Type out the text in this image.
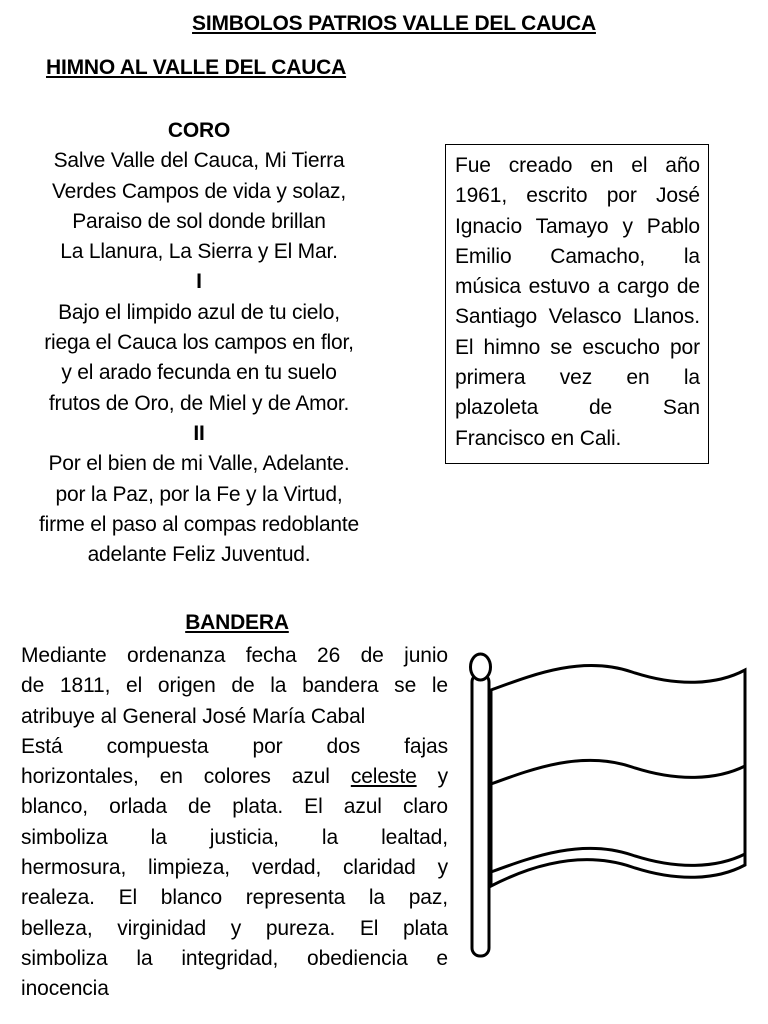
SIMBOLOS PATRIOS VALLE DEL CAUCA
HIMNO AL VALLE DEL CAUCA
CORO
Salve Valle del Cauca, Mi Tierra
Verdes Campos de vida y solaz,
Paraiso de sol donde brillan
La Llanura, La Sierra y El Mar.
I
Bajo el limpido azul de tu cielo,
riega el Cauca los campos en flor,
y el arado fecunda en tu suelo
frutos de Oro, de Miel y de Amor.
II
Por el bien de mi Valle, Adelante.
por la Paz, por la Fe y la Virtud,
firme el paso al compas redoblante
adelante Feliz Juventud.
Fue creado en el año 1961, escrito por José Ignacio Tamayo y Pablo Emilio Camacho, la música estuvo a cargo de Santiago Velasco Llanos. El himno se escucho por primera vez en la plazoleta de San Francisco en Cali.
BANDERA
Mediante ordenanza fecha 26 de junio
de 1811, el origen de la bandera se le
atribuye al General José María Cabal
Está compuesta por dos fajas
horizontales, en colores azul celeste y
blanco, orlada de plata. El azul claro
simboliza la justicia, la lealtad,
hermosura, limpieza, verdad, claridad y
realeza. El blanco representa la paz,
belleza, virginidad y pureza. El plata
simboliza la integridad, obediencia e
inocencia
